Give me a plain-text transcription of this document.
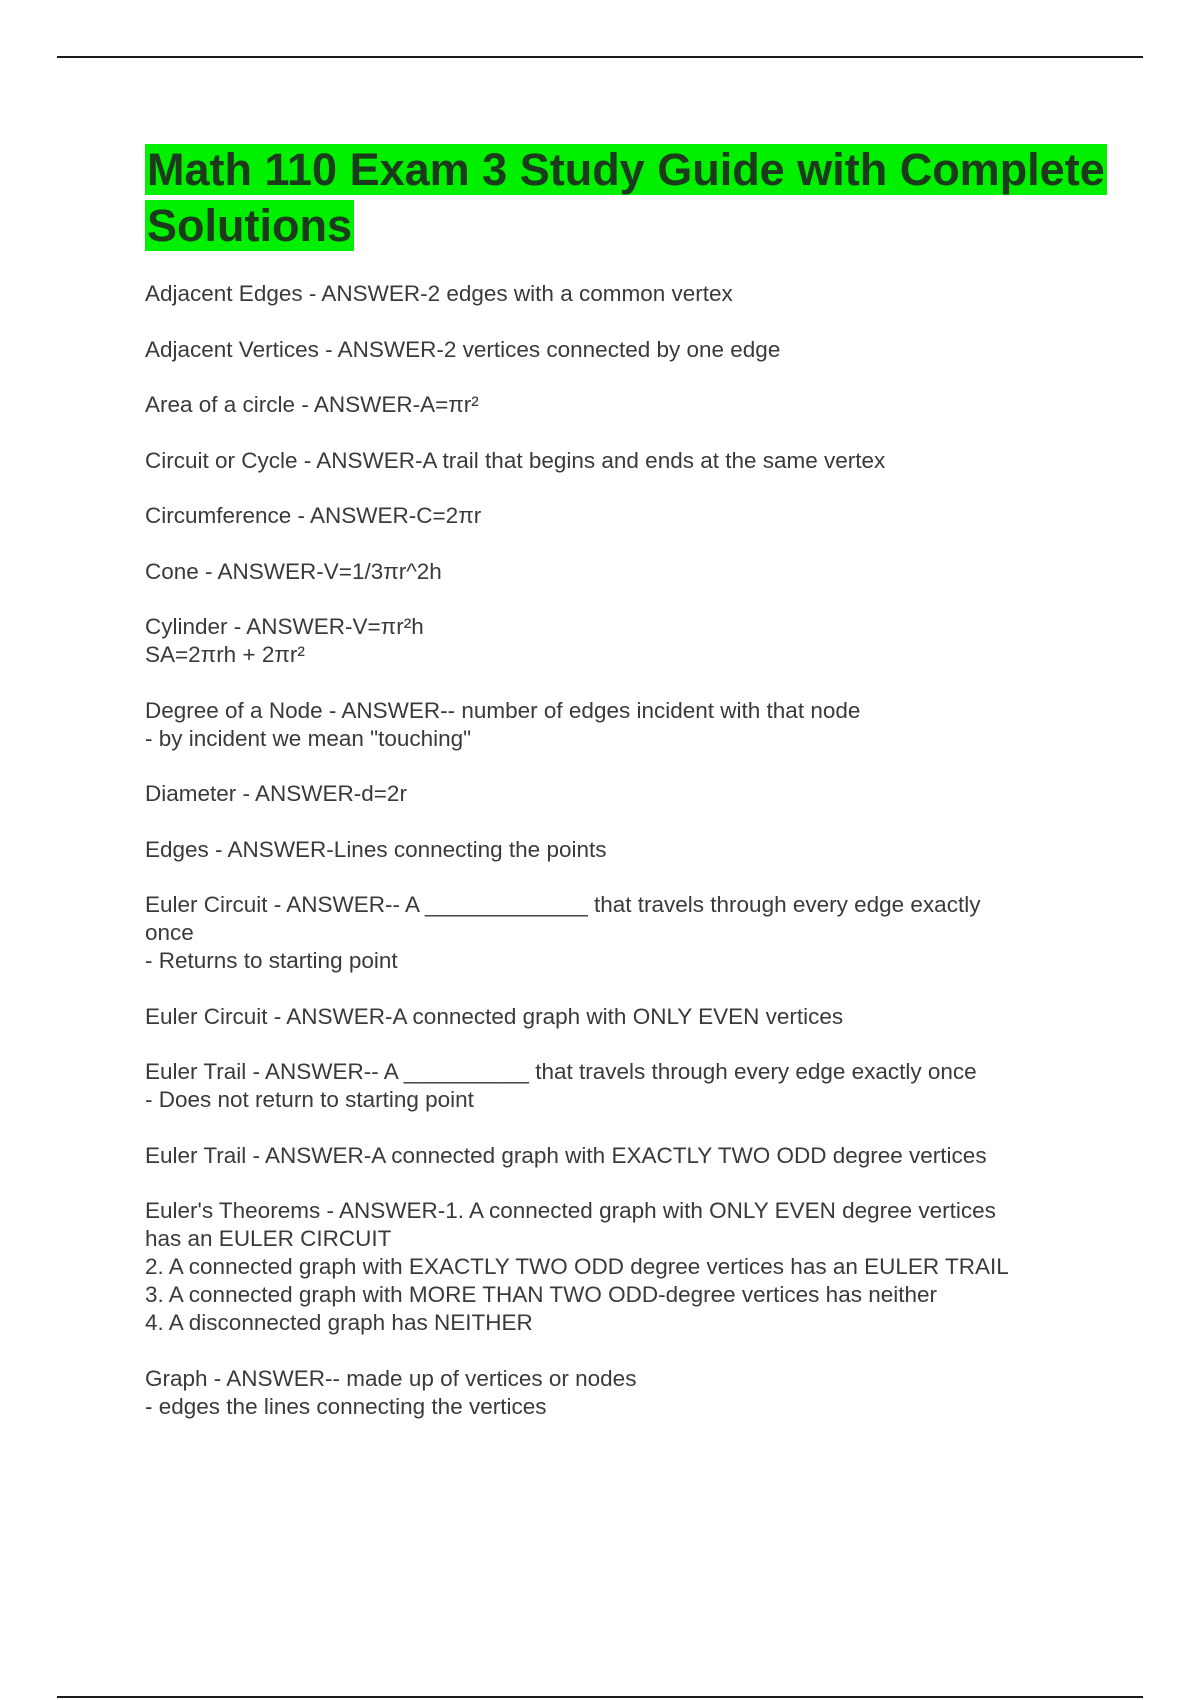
Math 110 Exam 3 Study Guide with Complete Solutions
Adjacent Edges - ANSWER-2 edges with a common vertex
Adjacent Vertices - ANSWER-2 vertices connected by one edge
Area of a circle - ANSWER-A=πr²
Circuit or Cycle - ANSWER-A trail that begins and ends at the same vertex
Circumference - ANSWER-C=2πr
Cone - ANSWER-V=1/3πr^2h
Cylinder - ANSWER-V=πr²h
SA=2πrh + 2πr²
Degree of a Node - ANSWER-- number of edges incident with that node
- by incident we mean "touching"
Diameter - ANSWER-d=2r
Edges - ANSWER-Lines connecting the points
Euler Circuit - ANSWER-- A _____________ that travels through every edge exactly
once
- Returns to starting point
Euler Circuit - ANSWER-A connected graph with ONLY EVEN vertices
Euler Trail - ANSWER-- A __________ that travels through every edge exactly once
- Does not return to starting point
Euler Trail - ANSWER-A connected graph with EXACTLY TWO ODD degree vertices
Euler's Theorems - ANSWER-1. A connected graph with ONLY EVEN degree vertices
has an EULER CIRCUIT
2. A connected graph with EXACTLY TWO ODD degree vertices has an EULER TRAIL
3. A connected graph with MORE THAN TWO ODD-degree vertices has neither
4. A disconnected graph has NEITHER
Graph - ANSWER-- made up of vertices or nodes
- edges the lines connecting the vertices
